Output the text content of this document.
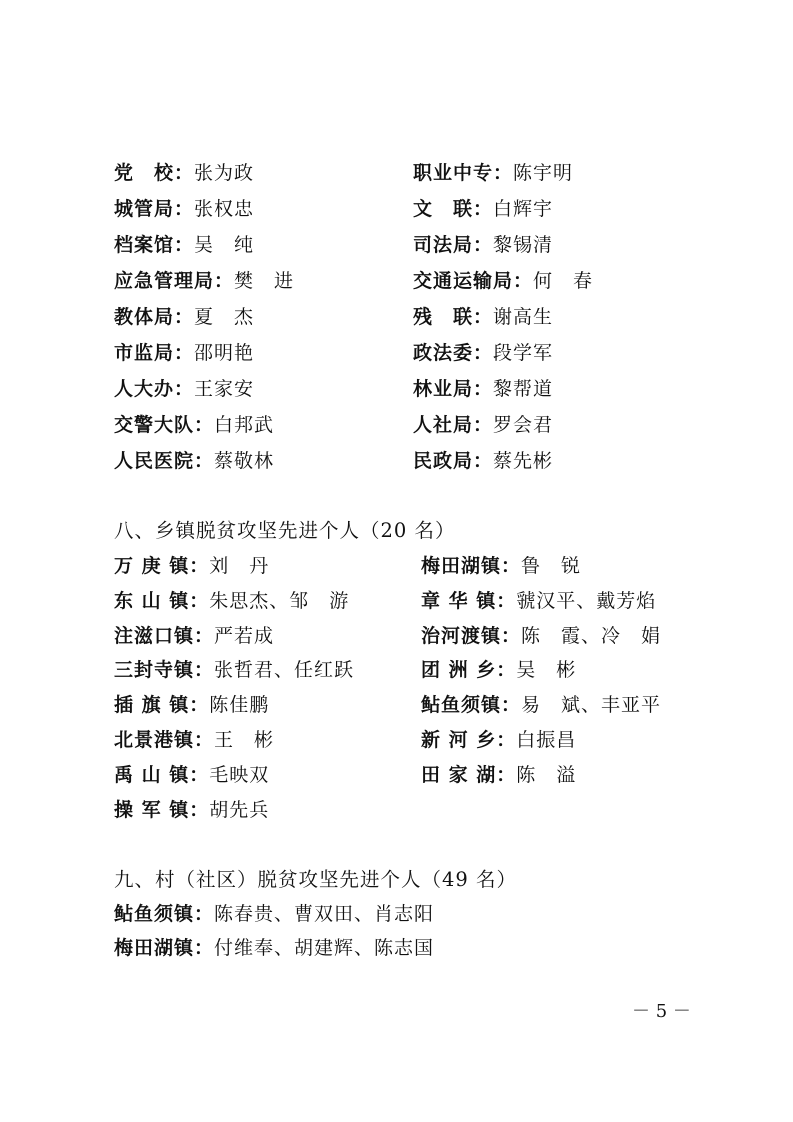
党　校：张为政
城管局：张权忠
档案馆：吴　纯
应急管理局：樊　进
教体局：夏　杰
市监局：邵明艳
人大办：王家安
交警大队：白邦武
人民医院：蔡敬林
职业中专：陈宇明
文　联：白辉宇
司法局：黎锡清
交通运输局：何　春
残　联：谢高生
政法委：段学军
林业局：黎帮道
人社局：罗会君
民政局：蔡先彬
八、乡镇脱贫攻坚先进个人（20 名）
万 庚 镇：刘　丹
东 山 镇：朱思杰、邹　游
注滋口镇：严若成
三封寺镇：张哲君、任红跃
插 旗 镇：陈佳鹏
北景港镇：王　彬
禹 山 镇：毛映双
操 军 镇：胡先兵
梅田湖镇：鲁　锐
章 华 镇：虢汉平、戴芳焰
治河渡镇：陈　霞、冷　娟
团 洲 乡：吴　彬
鲇鱼须镇：易　斌、丰亚平
新 河 乡：白振昌
田 家 湖：陈　溢
九、村（社区）脱贫攻坚先进个人（49 名）
鲇鱼须镇：陈春贵、曹双田、肖志阳
梅田湖镇：付维奉、胡建辉、陈志国
－ 5 －
